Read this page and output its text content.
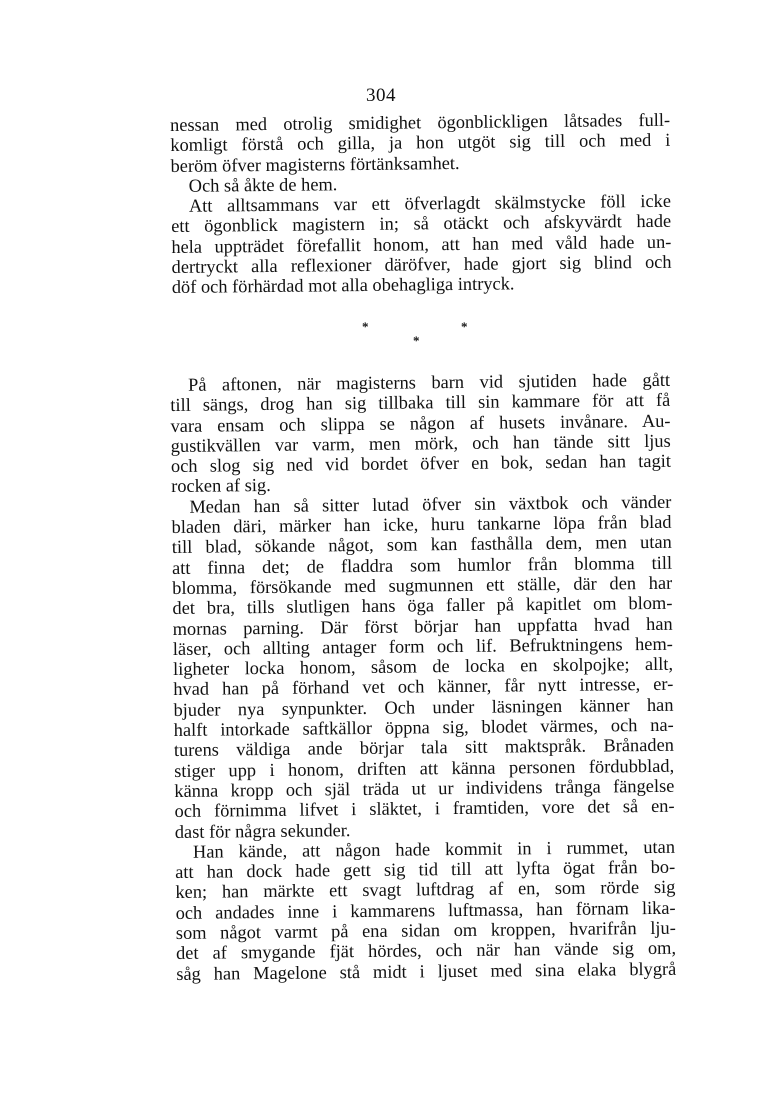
304
nessan med otrolig smidighet ögonblickligen låtsades full-
komligt förstå och gilla, ja hon utgöt sig till och med i
beröm öfver magisterns förtänksamhet.
Och så åkte de hem.
Att alltsammans var ett öfverlagdt skälmstycke föll icke
ett ögonblick magistern in; så otäckt och afskyvärdt hade
hela uppträdet förefallit honom, att han med våld hade un-
dertryckt alla reflexioner däröfver, hade gjort sig blind och
döf och förhärdad mot alla obehagliga intryck.
*
*
*
På aftonen, när magisterns barn vid sjutiden hade gått
till sängs, drog han sig tillbaka till sin kammare för att få
vara ensam och slippa se någon af husets invånare. Au-
gustikvällen var varm, men mörk, och han tände sitt ljus
och slog sig ned vid bordet öfver en bok, sedan han tagit
rocken af sig.
Medan han så sitter lutad öfver sin växtbok och vänder
bladen däri, märker han icke, huru tankarne löpa från blad
till blad, sökande något, som kan fasthålla dem, men utan
att finna det; de fladdra som humlor från blomma till
blomma, försökande med sugmunnen ett ställe, där den har
det bra, tills slutligen hans öga faller på kapitlet om blom-
mornas parning. Där först börjar han uppfatta hvad han
läser, och allting antager form och lif. Befruktningens hem-
ligheter locka honom, såsom de locka en skolpojke; allt,
hvad han på förhand vet och känner, får nytt intresse, er-
bjuder nya synpunkter. Och under läsningen känner han
halft intorkade saftkällor öppna sig, blodet värmes, och na-
turens väldiga ande börjar tala sitt maktspråk. Brånaden
stiger upp i honom, driften att känna personen fördubblad,
känna kropp och själ träda ut ur individens trånga fängelse
och förnimma lifvet i släktet, i framtiden, vore det så en-
dast för några sekunder.
Han kände, att någon hade kommit in i rummet, utan
att han dock hade gett sig tid till att lyfta ögat från bo-
ken; han märkte ett svagt luftdrag af en, som rörde sig
och andades inne i kammarens luftmassa, han förnam lika-
som något varmt på ena sidan om kroppen, hvarifrån lju-
det af smygande fjät hördes, och när han vände sig om,
såg han Magelone stå midt i ljuset med sina elaka blygrå
